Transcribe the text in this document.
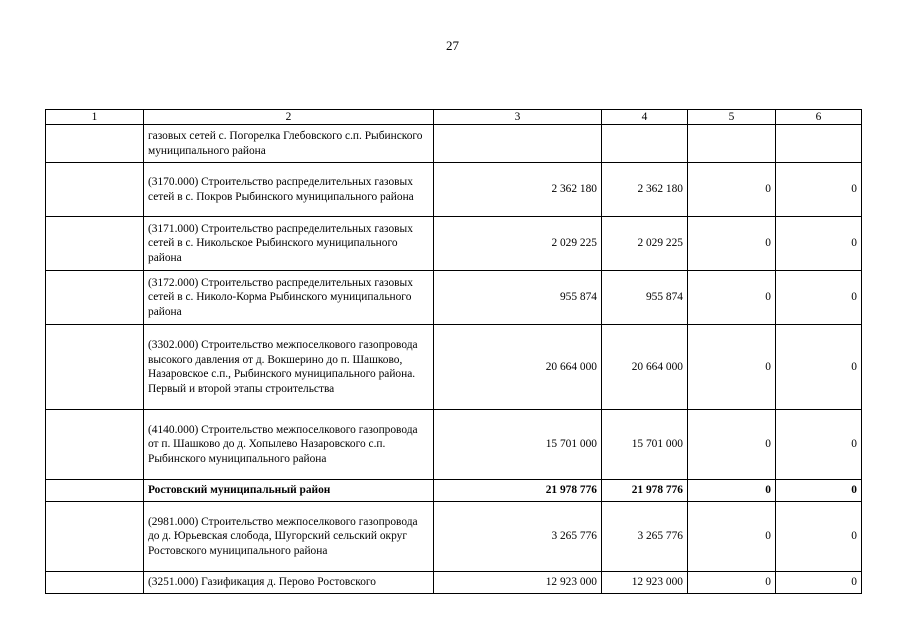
27
1	2	3	4	5	6
	газовых сетей с. Погорелка Глебовского с.п. Рыбинского муниципального района				
	(3170.000) Строительство распределительных газовых сетей в с. Покров Рыбинского муниципального района	2 362 180	2 362 180	0	0
	(3171.000) Строительство распределительных газовых сетей в с. Никольское Рыбинского муниципального района	2 029 225	2 029 225	0	0
	(3172.000) Строительство распределительных газовых сетей в с. Николо-Корма Рыбинского муниципального района	955 874	955 874	0	0
	(3302.000) Строительство межпоселкового газопровода высокого давления от д. Вокшерино до п. Шашково, Назаровское с.п., Рыбинского муниципального района. Первый и второй этапы строительства	20 664 000	20 664 000	0	0
	(4140.000) Строительство межпоселкового газопровода от п. Шашково до д. Хопылево Назаровского с.п. Рыбинского муниципального района	15 701 000	15 701 000	0	0
	Ростовский муниципальный район	21 978 776	21 978 776	0	0
	(2981.000) Строительство межпоселкового газопровода до д. Юрьевская слобода, Шугорский сельский округ Ростовского муниципального района	3 265 776	3 265 776	0	0
	(3251.000) Газификация д. Перово Ростовского	12 923 000	12 923 000	0	0
